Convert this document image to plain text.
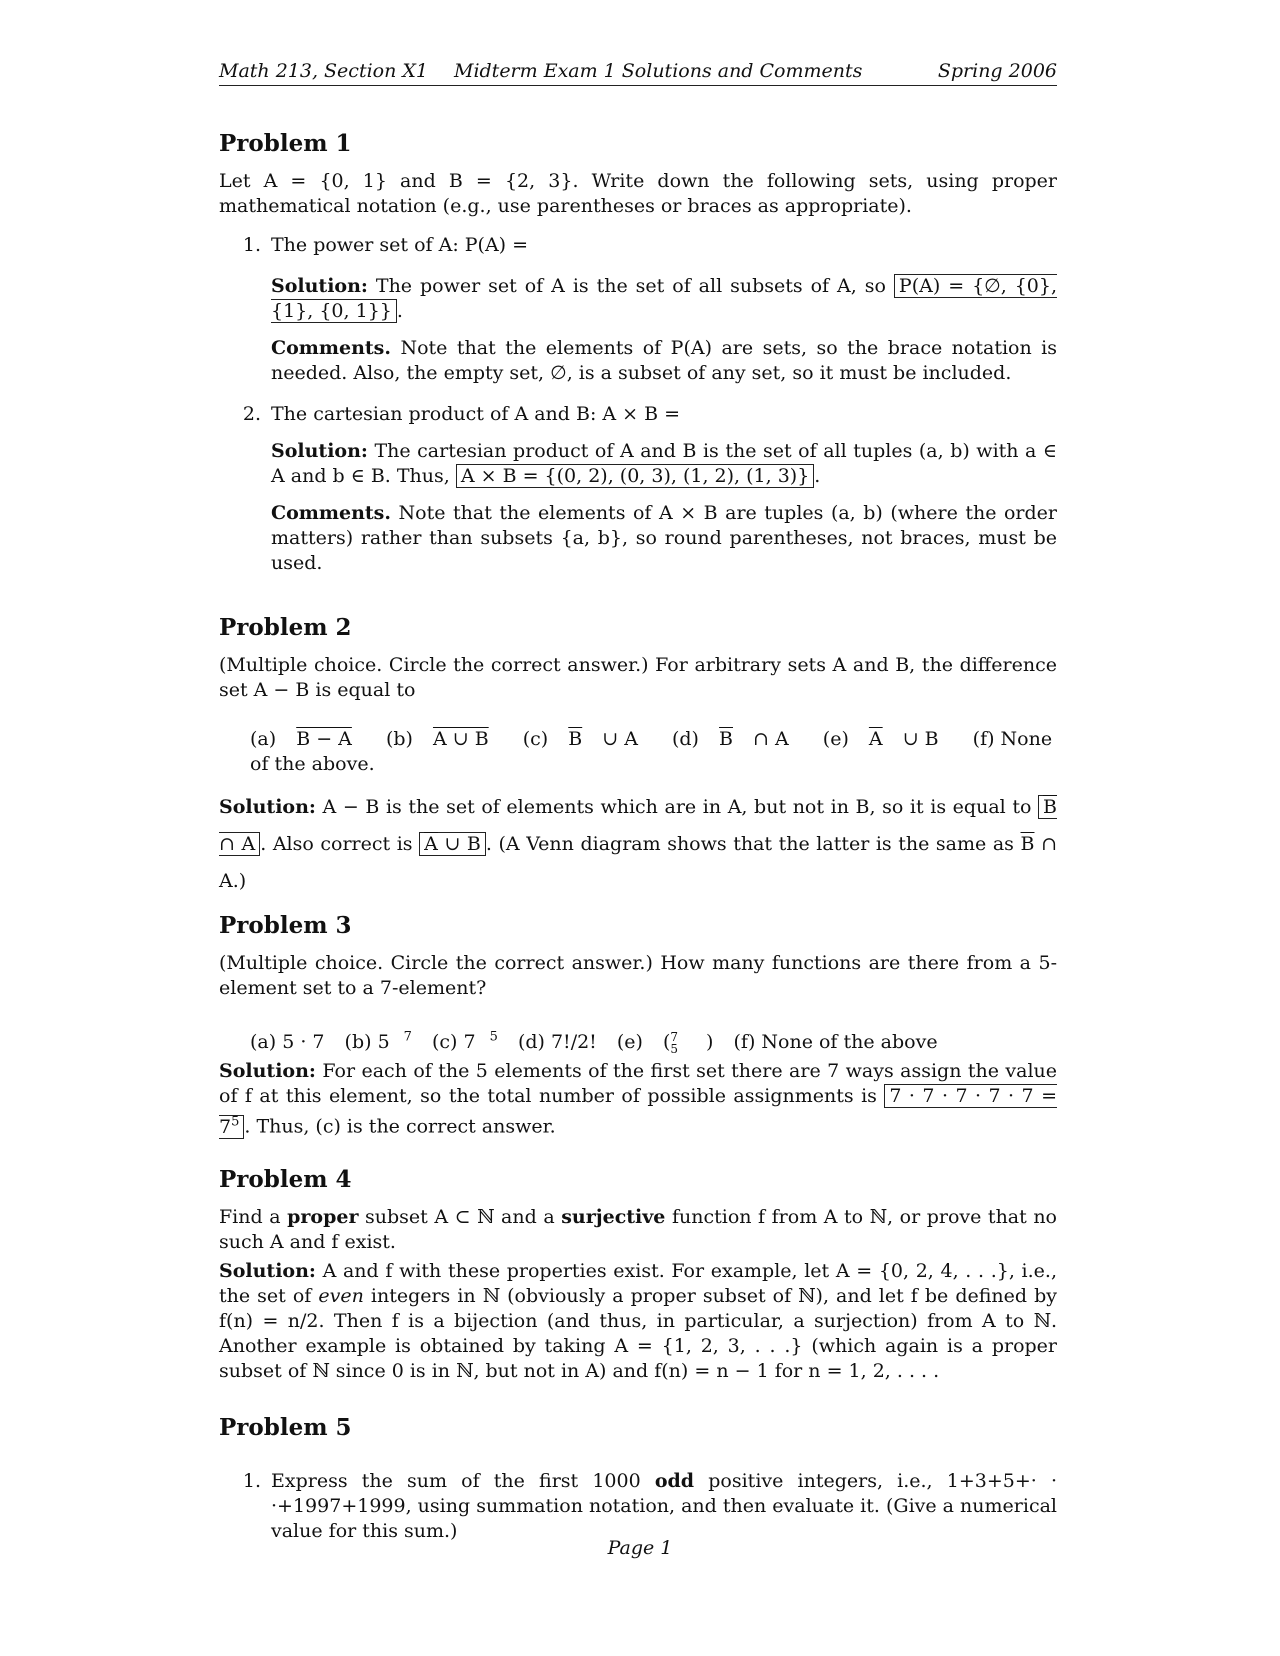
Math 213, Section X1 Midterm Exam 1 Solutions and Comments	Spring 2006
Problem 1

Let A = {0, 1} and B = {2, 3}. Write down the following sets, using proper mathematical notation (e.g., use parentheses or braces as appropriate).

1. The power set of A: P(A) =

Solution: The power set of A is the set of all subsets of A, so P(A) = {∅, {0}, {1}, {0, 1}} .

Comments. Note that the elements of P(A) are sets, so the brace notation is needed. Also, the empty set, ∅, is a subset of any set, so it must be included.

2. The cartesian product of A and B: A × B =

Solution: The cartesian product of A and B is the set of all tuples (a, b) with a ∈ A and b ∈ B. Thus, A × B = {(0, 2), (0, 3), (1, 2), (1, 3)} .

Comments. Note that the elements of A × B are tuples (a, b) (where the order matters) rather than subsets {a, b}, so round parentheses, not braces, must be used.

Problem 2

(Multiple choice. Circle the correct answer.) For arbitrary sets A and B, the difference set A − B is equal to

(a) B − A (b) A ∪ B (c) $\overline{B}$ ∪ A (d) $\overline{B}$ ∩ A (e) $\overline{A}$ ∪ B (f) None of the above.

Solution: A − B is the set of elements which are in A, but not in B, so it is equal to $\overline{B}$ ∩ A . Also correct is $\overline{A}$ ∪ B . (A Venn diagram shows that the latter is the same as $\overline{B}$ ∩ A.)

Problem 3

(Multiple choice. Circle the correct answer.) How many functions are there from a 5-element set to a 7-element?

(a) 5 · 7 (b) 5 $^7$ (c) 7 $^5$ (d) 7!/2! (e) ( 7
5 ) (f) None of the above

Solution: For each of the 5 elements of the first set there are 7 ways assign the value of f at this element, so the total number of possible assignments is $7 \cdot 7 \cdot 7 \cdot 7 \cdot 7 = 7^5$ . Thus, (c) is the correct answer.

Problem 4

Find a proper subset A ⊂ ℕ and a surjective function f from A to ℕ, or prove that no such A and f exist.

Solution: A and f with these properties exist. For example, let A = {0, 2, 4, . . .}, i.e., the set of even integers in ℕ (obviously a proper subset of ℕ), and let f be defined by f(n) = n/2. Then f is a bijection (and thus, in particular, a surjection) from A to ℕ. Another example is obtained by taking A = {1, 2, 3, . . .} (which again is a proper subset of ℕ since 0 is in ℕ, but not in A) and f(n) = n − 1 for n = 1, 2, . . . .

Problem 5
1. Express the sum of the first 1000 odd positive integers, i.e., 1+3+5+· · ·+1997+1999, using summation notation, and then evaluate it. (Give a numerical value for this sum.)

Page 1
